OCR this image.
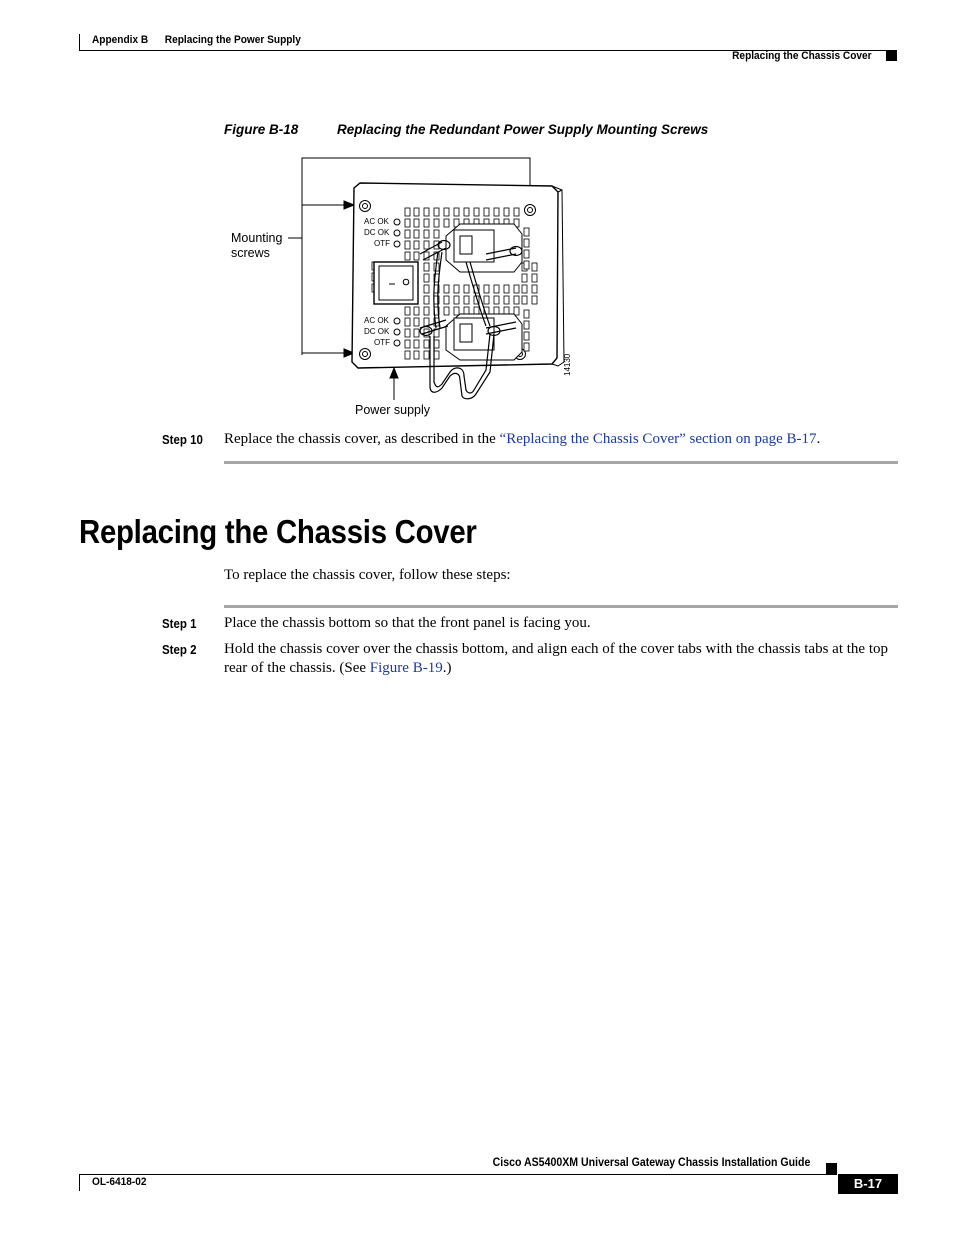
Appendix B Replacing the Power Supply
Replacing the Chassis Cover
Figure B-18	Replacing the Redundant Power Supply Mounting Screws
Mounting
screws
Power supply
14130
AC OK
DC OK
OTF
AC OK
DC OK
OTF
Step 10 Replace the chassis cover, as described in the “Replacing the Chassis Cover” section on page B-17.
Replacing the Chassis Cover
To replace the chassis cover, follow these steps:
Step 1 Place the chassis bottom so that the front panel is facing you.
Step 2 Hold the chassis cover over the chassis bottom, and align each of the cover tabs with the chassis tabs at the top rear of the chassis. (See Figure B-19.)
Cisco AS5400XM Universal Gateway Chassis Installation Guide
OL-6418-02	B-17
